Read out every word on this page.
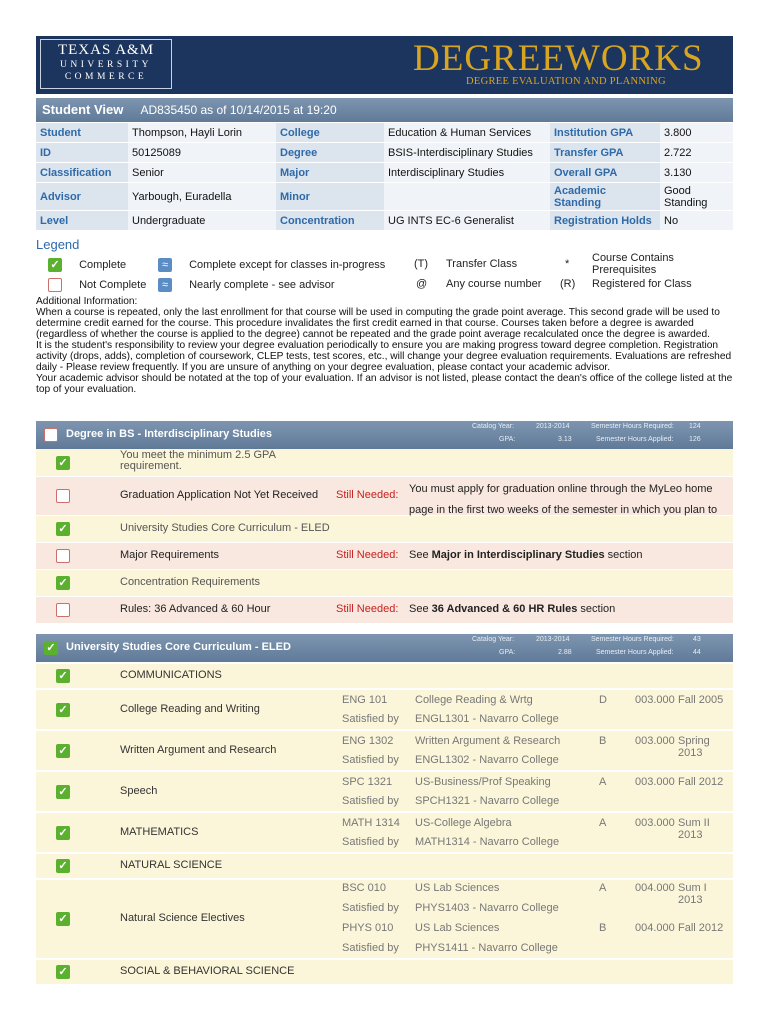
TEXAS A&M
UNIVERSITY
COMMERCE	DEGREEWORKS
DEGREE EVALUATION AND PLANNING
Student View AD835450 as of 10/14/2015 at 19:20
Student	Thompson, Hayli Lorin	College	Education & Human Services	Institution GPA	3.800
ID	50125089	Degree	BSIS-Interdisciplinary Studies	Transfer GPA	2.722
Classification	Senior	Major	Interdisciplinary Studies	Overall GPA	3.130
Advisor	Yarbough, Euradella	Minor		Academic Standing	Good Standing
Level	Undergraduate	Concentration	UG INTS EC-6 Generalist	Registration Holds	No
Legend
✓ Complete
Not Complete
≈ Complete except for classes in-progress
≈ Nearly complete - see advisor
(T) Transfer Class
@ Any course number
* Course Contains Prerequisites
(R) Registered for Class

Additional Information:

When a course is repeated, only the last enrollment for that course will be used in computing the grade point average. This second grade will be used to determine credit earned for the course. This procedure invalidates the first credit earned in that course. Courses taken before a degree is awarded (regardless of whether the course is applied to the degree) cannot be repeated and the grade point average recalculated once the degree is awarded.

It is the student's responsibility to review your degree evaluation periodically to ensure you are making progress toward degree completion. Registration activity (drops, adds), completion of coursework, CLEP tests, test scores, etc., will change your degree evaluation requirements. Evaluations are refreshed daily - Please review frequently. If you are unsure of anything on your degree evaluation, please contact your academic advisor.

Your academic advisor should be notated at the top of your evaluation. If an advisor is not listed, please contact the dean's office of the college listed at the top of your evaluation.

Degree in BS - Interdisciplinary Studies
Catalog Year:	2013-2014	Semester Hours Required: 124
GPA:	3.13	Semester Hours Applied: 126
✓
You meet the minimum 2.5 GPA requirement.
Graduation Application Not Yet Received Still Needed: You must apply for graduation online through the MyLeo home page in the first two weeks of the semester in which you plan to
✓	University Studies Core Curriculum - ELED
Major Requirements	Still Needed: See Major in Interdisciplinary Studies section
✓	Concentration Requirements
Rules: 36 Advanced & 60 Hour	Still Needed: See 36 Advanced & 60 HR Rules section
✓ University Studies Core Curriculum - ELED
Catalog Year:	2013-2014	Semester Hours Required:	43
GPA:	2.88	Semester Hours Applied:	44
✓	COMMUNICATIONS
✓	College Reading and Writing
ENG 101	College Reading & Wrtg	D	003.000 Fall 2005
Satisfied by ENGL1301 - Navarro College
✓	Written Argument and Research
ENG 1302 Written Argument & Research	B	003.000 Spring 2013
Satisfied by ENGL1302 - Navarro College
✓	Speech
SPC 1321 US-Business/Prof Speaking	A	003.000 Fall 2012
Satisfied by SPCH1321 - Navarro College
✓	MATHEMATICS
MATH 1314 US-College Algebra	A	003.000 Sum II 2013
Satisfied by MATH1314 - Navarro College
✓	NATURAL SCIENCE
✓	Natural Science Electives
BSC 010	US Lab Sciences	A	004.000 Sum I 2013
Satisfied by PHYS1403 - Navarro College
PHYS 010 US Lab Sciences	B	004.000 Fall 2012
Satisfied by PHYS1411 - Navarro College
✓	SOCIAL & BEHAVIORAL SCIENCE
